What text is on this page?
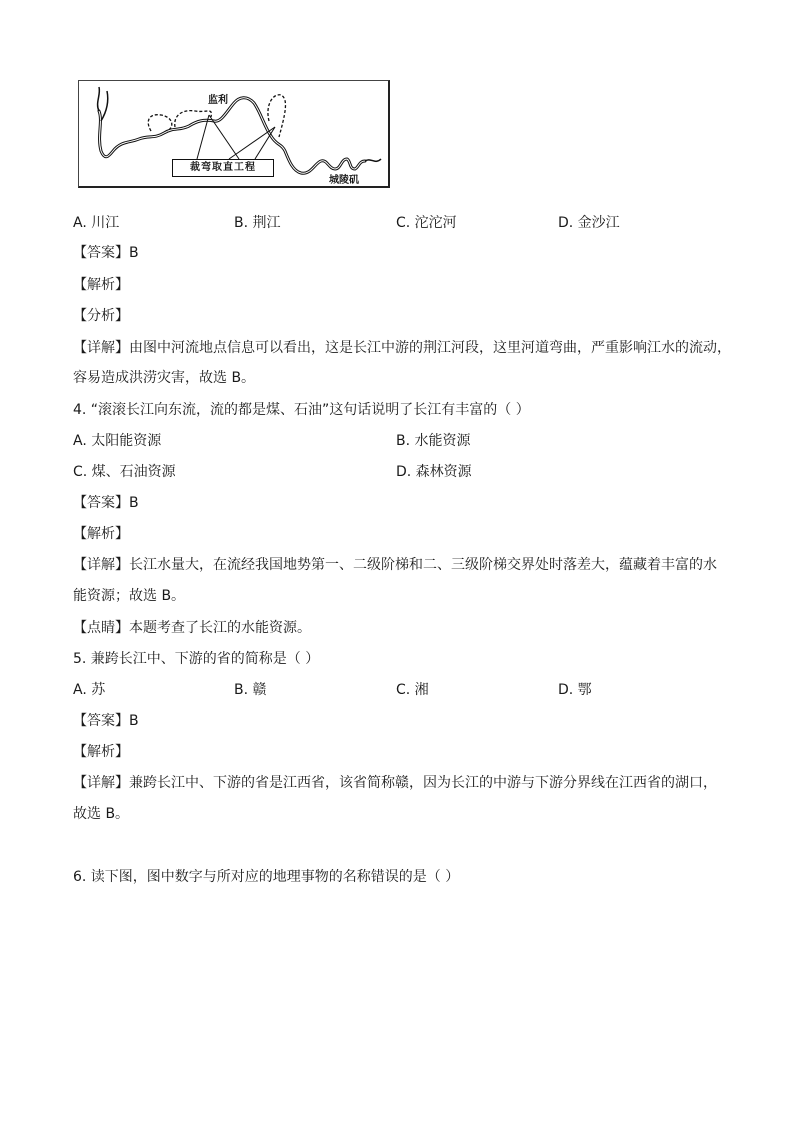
监利
裁弯取直工程
城陵矶
A. 川江	B. 荆江	C. 沱沱河	D. 金沙江
【答案】B
【解析】
【分析】
【详解】由图中河流地点信息可以看出，这是长江中游的荆江河段，这里河道弯曲，严重影响江水的流动，
容易造成洪涝灾害，故选 B。
4. “滚滚长江向东流，流的都是煤、石油”这句话说明了长江有丰富的（ ）
A. 太阳能资源	B. 水能资源
C. 煤、石油资源	D. 森林资源
【答案】B
【解析】
【详解】长江水量大，在流经我国地势第一、二级阶梯和二、三级阶梯交界处时落差大，蕴藏着丰富的水
能资源；故选 B。
【点睛】本题考查了长江的水能资源。
5. 兼跨长江中、下游的省的简称是（ ）
A. 苏	B. 赣	C. 湘	D. 鄂
【答案】B
【解析】
【详解】兼跨长江中、下游的省是江西省，该省简称赣，因为长江的中游与下游分界线在江西省的湖口，
故选 B。
6. 读下图，图中数字与所对应的地理事物的名称错误的是（ ）
